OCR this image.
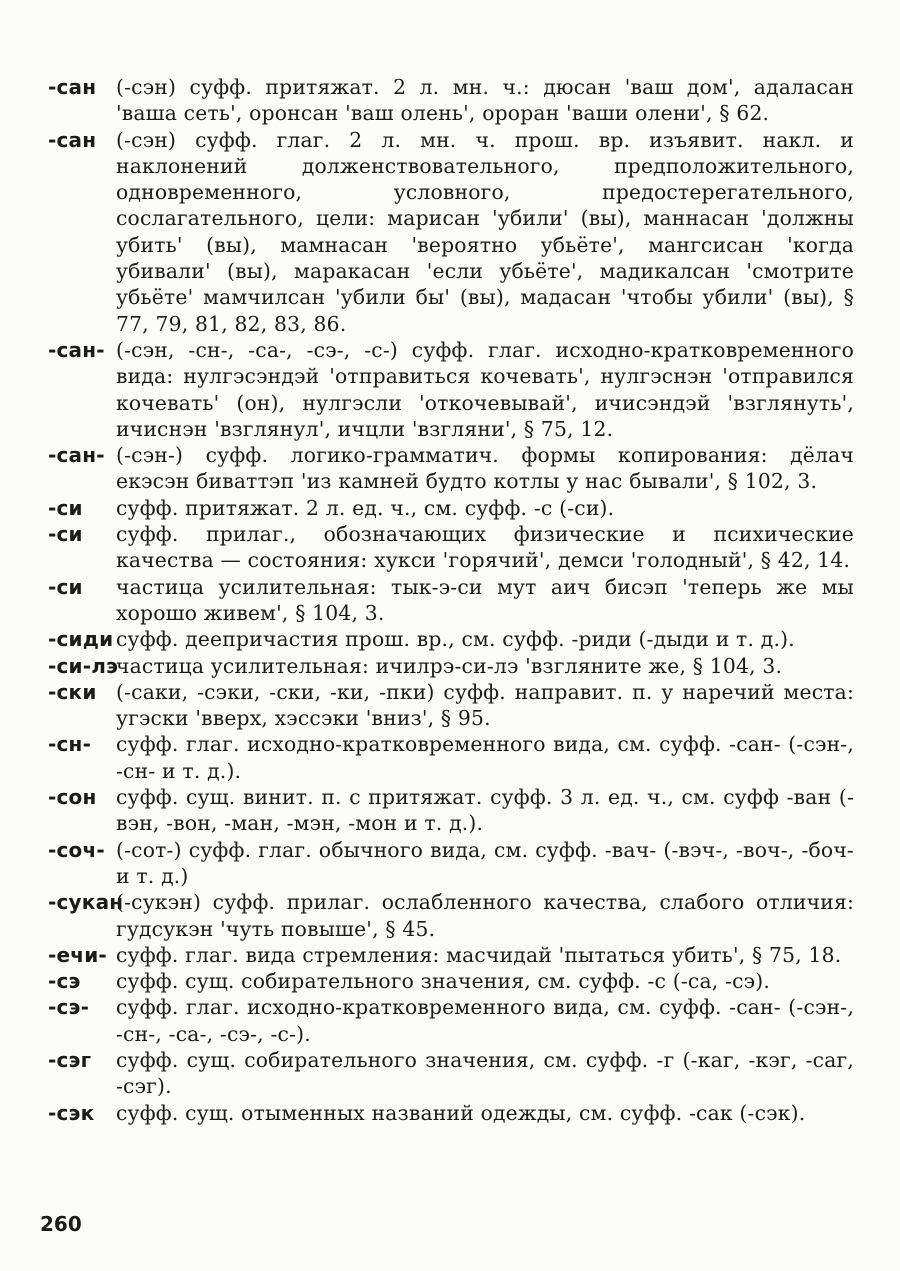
-сан (-сэн) суфф. притяжат. 2 л. мн. ч.: дюсан 'ваш дом', адаласан 'ваша сеть', оронсан 'ваш олень', ороран 'ваши олени', § 62.
-сан (-сэн) суфф. глаг. 2 л. мн. ч. прош. вр. изъявит. накл. и наклонений долженствовательного, предположительного, одновременного, условного, предостерегательного, сослагательного, цели: марисан 'убили' (вы), маннасан 'должны убить' (вы), мамнасан 'вероятно убьёте', мангсисан 'когда убивали' (вы), маракасан 'если убьёте', мадикалсан 'смотрите убьёте' мамчилсан 'убили бы' (вы), мадасан 'чтобы убили' (вы), § 77, 79, 81, 82, 83, 86.
-сан- (-сэн, -сн-, -са-, -сэ-, -с-) суфф. глаг. исходно-кратковременного вида: нулгэсэндэй 'отправиться кочевать', нулгэснэн 'отправился кочевать' (он), нулгэсли 'откочевывай', ичисэндэй 'взглянуть', ичиснэн 'взглянул', ичцли 'взгляни', § 75, 12.
-сан- (-сэн-) суфф. логико-грамматич. формы копирования: дёлач екэсэн биваттэп 'из камней будто котлы у нас бывали', § 102, 3.
-си суфф. притяжат. 2 л. ед. ч., см. суфф. -с (-си).
-си суфф. прилаг., обозначающих физические и психические качества — состояния: хукси 'горячий', демси 'голодный', § 42, 14.
-си частица усилительная: тык-э-си мут аич бисэп 'теперь же мы хорошо живем', § 104, 3.
-сиди суфф. деепричастия прош. вр., см. суфф. -риди (-дыди и т. д.).
-си-лэ
частица усилительная: ичилрэ-си-лэ 'взгляните же, § 104, 3.
-ски (-саки, -сэки, -ски, -ки, -пки) суфф. направит. п. у наречий места: угэски 'вверх, хэссэки 'вниз', § 95.
-сн- суфф. глаг. исходно-кратковременного вида, см. суфф. -сан- (-сэн-, -сн- и т. д.).
-сон суфф. сущ. винит. п. с притяжат. суфф. 3 л. ед. ч., см. суфф -ван (-вэн, -вон, -ман, -мэн, -мон и т. д.).
-соч- (-сот-) суфф. глаг. обычного вида, см. суфф. -вач- (-вэч-, -воч-, -боч- и т. д.)
-сукан
(-сукэн) суфф. прилаг. ослабленного качества, слабого отличия: гудсукэн 'чуть повыше', § 45.
-ечи- суфф. глаг. вида стремления: масчидай 'пытаться убить', § 75, 18.
-сэ суфф. сущ. собирательного значения, см. суфф. -с (-са, -сэ).
-сэ- суфф. глаг. исходно-кратковременного вида, см. суфф. -сан- (-сэн-, -сн-, -са-, -сэ-, -с-).
-сэг суфф. сущ. собирательного значения, см. суфф. -г (-каг, -кэг, -саг, -сэг).
-сэк суфф. сущ. отыменных названий одежды, см. суфф. -сак (-сэк).
260
